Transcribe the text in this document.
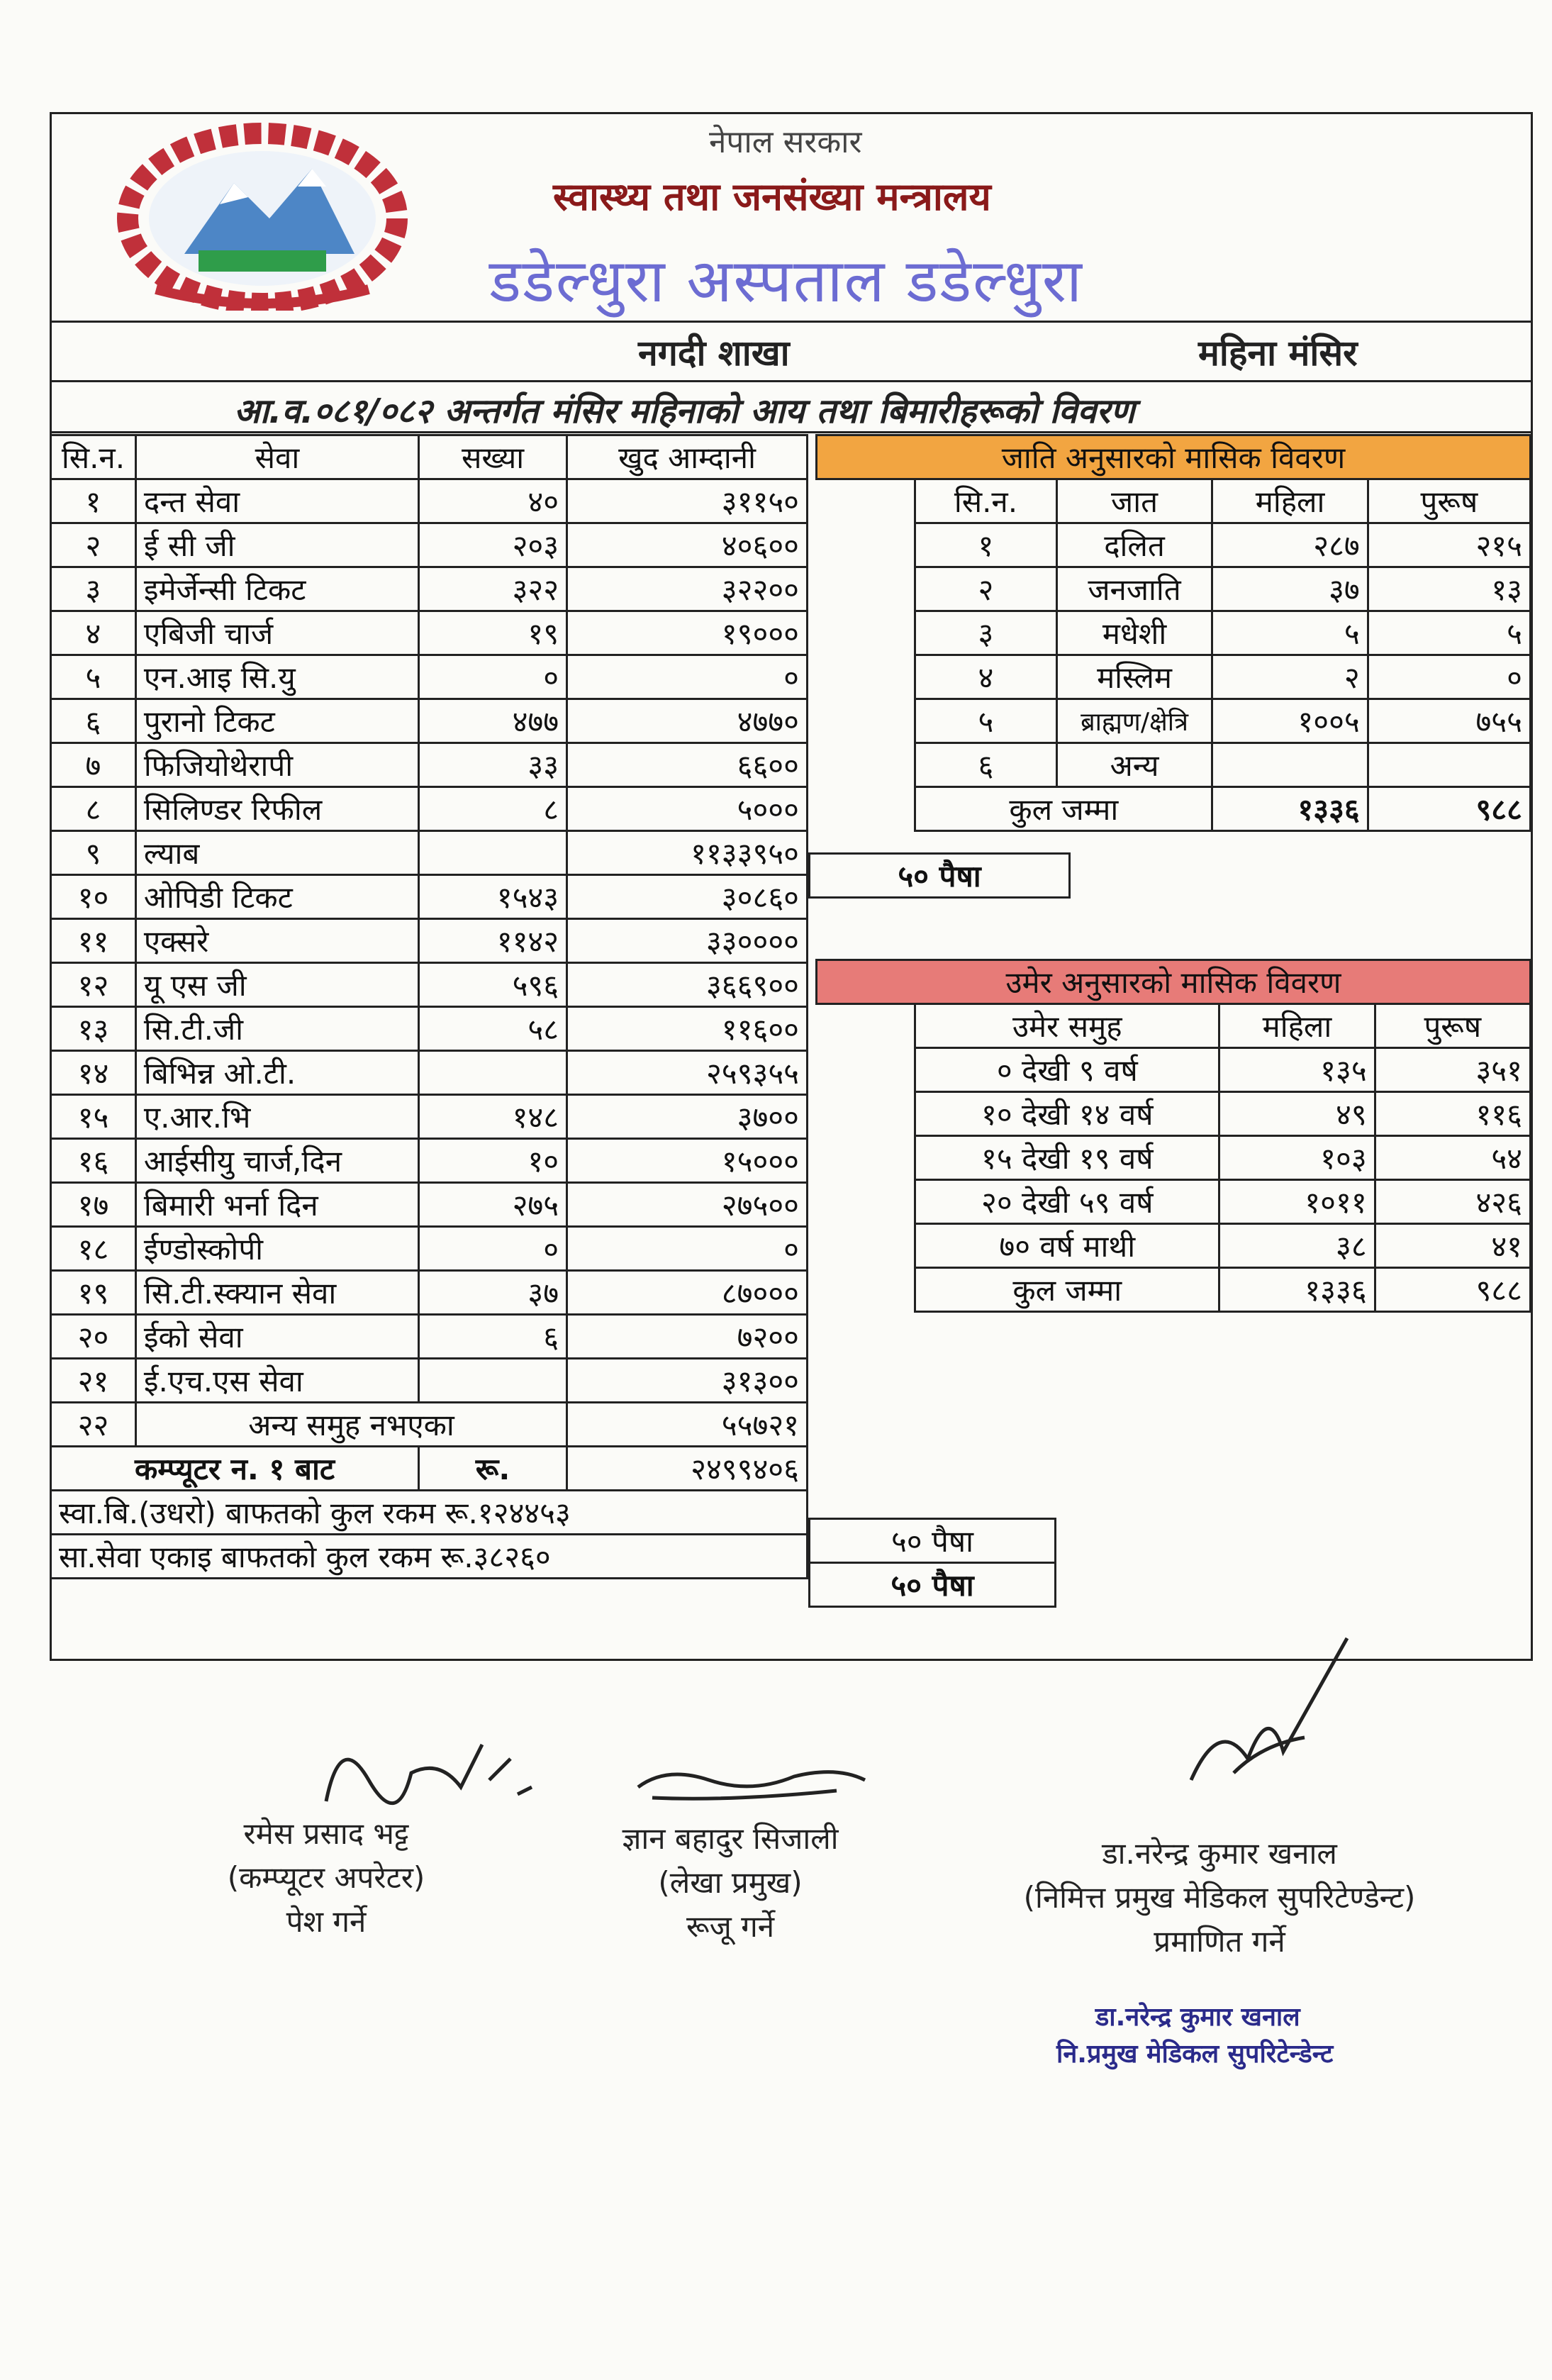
नेपाल सरकार
स्वास्थ्य तथा जनसंख्या मन्त्रालय
डडेल्धुरा अस्पताल डडेल्धुरा
नगदी शाखा	महिना मंसिर
आ.व.०८१/०८२ अन्तर्गत मंसिर महिनाको आय तथा बिमारीहरूको विवरण
सि.न.	सेवा	सख्या	खुद आम्दानी
१	दन्त सेवा	४०	३११५०
२	ई सी जी	२०३	४०६००
३	इमेर्जेन्सी टिकट	३२२	३२२००
४	एबिजी चार्ज	१९	१९०००
५	एन.आइ सि.यु	०	०
६	पुरानो टिकट	४७७	४७७०
७	फिजियोथेरापी	३३	६६००
८	सिलिण्डर रिफील	८	५०००
९	ल्याब		११३३९५०
१०	ओपिडी टिकट	१५४३	३०८६०
११	एक्सरे	११४२	३३००००
१२	यू एस जी	५९६	३६६९००
१३	सि.टी.जी	५८	११६००
१४	बिभिन्न ओ.टी.		२५९३५५
१५	ए.आर.भि	१४८	३७००
१६	आईसीयु चार्ज,दिन	१०	१५०००
१७	बिमारी भर्ना दिन	२७५	२७५००
१८	ईण्डोस्कोपी	०	०
१९	सि.टी.स्क्यान सेवा	३७	८७०००
२०	ईको सेवा	६	७२००
२१	ई.एच.एस सेवा		३१३००
२२	अन्य समुह नभएका		५५७२१
कम्प्यूटर न. १ बाट		रू.	२४९९४०६
स्वा.बि.(उधरो) बाफतको कुल रकम रू.१२४४५३			
सा.सेवा एकाइ बाफतको कुल रकम रू.३८२६०			
५० पैषा
५० पैषा
५० पैषा
जाति अनुसारको मासिक विवरण				
	सि.न.	जात	महिला	पुरूष
	१	दलित	२८७	२१५
	२	जनजाति	३७	१३
	३	मधेशी	५	५
	४	मस्लिम	२	०
	५	ब्राह्मण/क्षेत्रि	१००५	७५५
	६	अन्य		
	कुल जम्मा		१३३६	९८८
उमेर अनुसारको मासिक विवरण			
	उमेर समुह	महिला	पुरूष
	० देखी ९ वर्ष	१३५	३५१
	१० देखी १४ वर्ष	४९	११६
	१५ देखी १९ वर्ष	१०३	५४
	२० देखी ५९ वर्ष	१०११	४२६
	७० वर्ष माथी	३८	४१
	कुल जम्मा	१३३६	९८८
रमेस प्रसाद भट्ट
(कम्प्यूटर अपरेटर)
पेश गर्ने
ज्ञान बहादुर सिजाली
(लेखा प्रमुख)
रूजू गर्ने
डा.नरेन्द्र कुमार खनाल
(निमित्त प्रमुख मेडिकल सुपरिटेण्डेन्ट)
प्रमाणित गर्ने
डा.नरेन्द्र कुमार खनाल
नि.प्रमुख मेडिकल सुपरिटेन्डेन्ट
